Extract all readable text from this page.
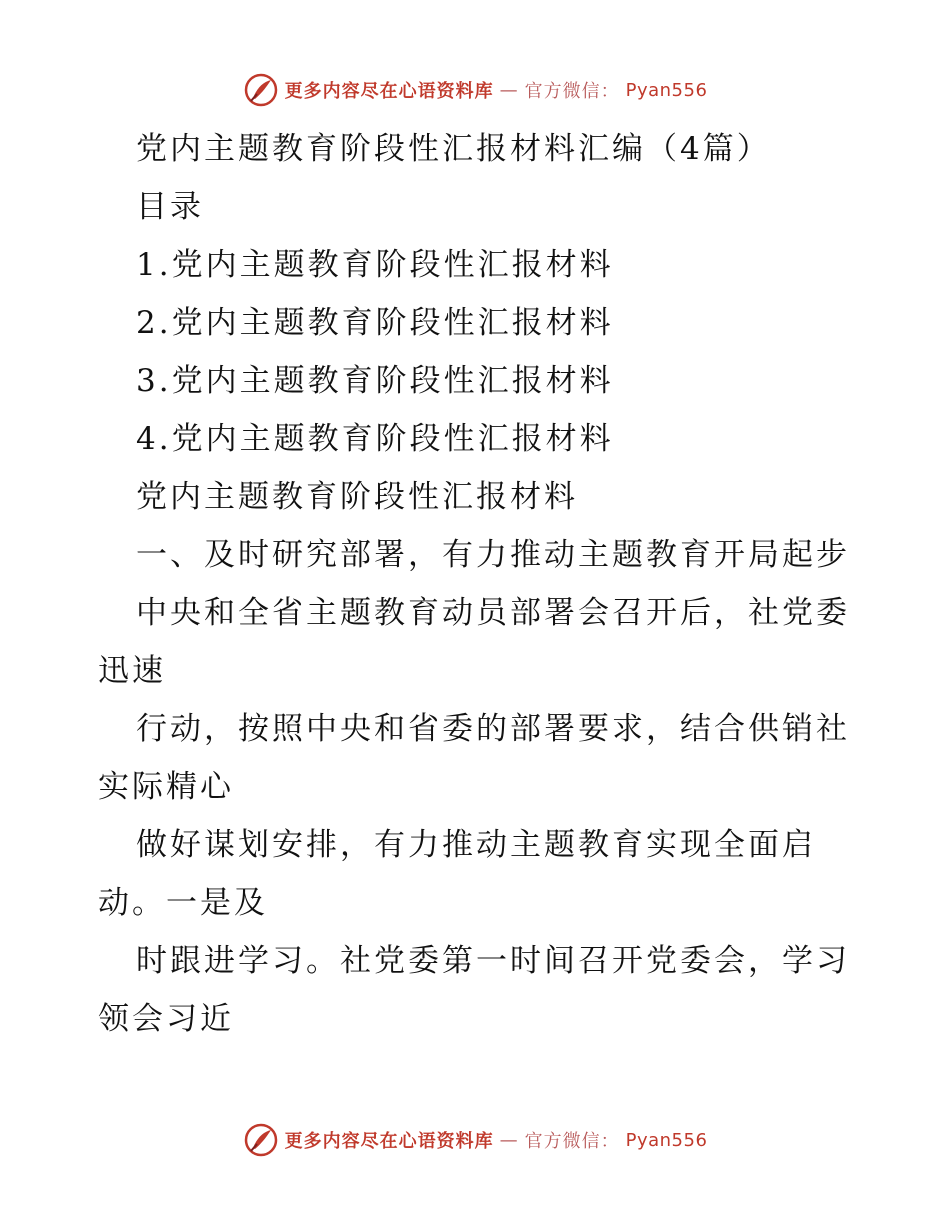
更多内容尽在心语资料库 — 官方微信： Pyan556

党内主题教育阶段性汇报材料汇编（4篇）

目录

1.党内主题教育阶段性汇报材料

2.党内主题教育阶段性汇报材料

3.党内主题教育阶段性汇报材料

4.党内主题教育阶段性汇报材料

党内主题教育阶段性汇报材料

一、及时研究部署，有力推动主题教育开局起步

中央和全省主题教育动员部署会召开后，社党委

迅速

行动，按照中央和省委的部署要求，结合供销社

实际精心

做好谋划安排，有力推动主题教育实现全面启

动。一是及

时跟进学习。社党委第一时间召开党委会，学习

领会习近

更多内容尽在心语资料库 — 官方微信： Pyan556
